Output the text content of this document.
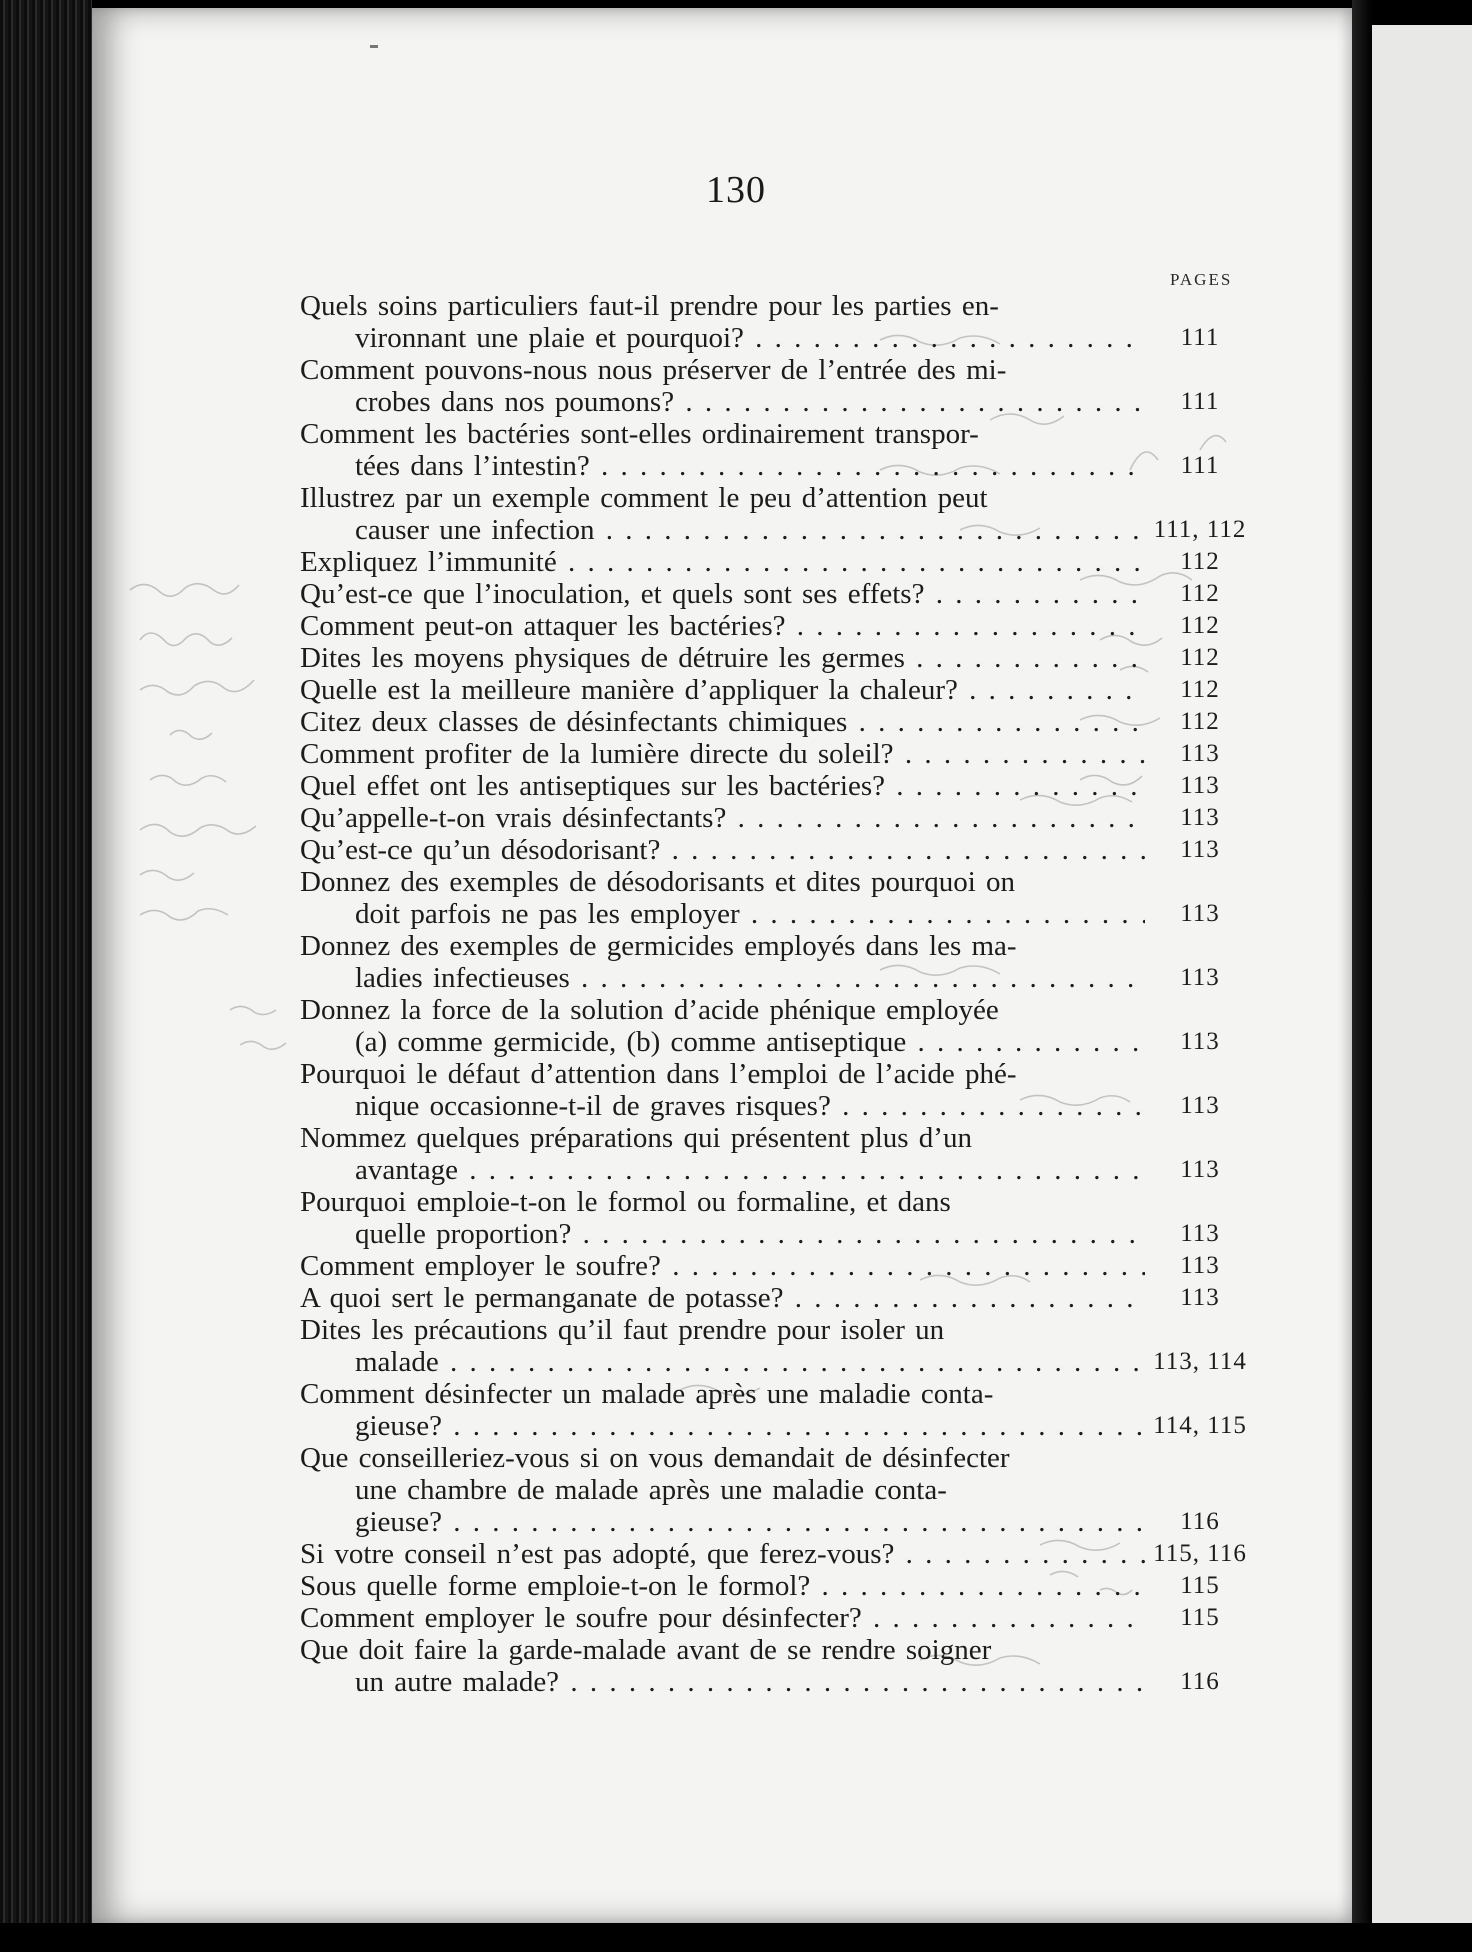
130
PAGES
Quels soins particuliers faut-il prendre pour les parties en-
vironnant une plaie et pourquoi? . . .	111
Comment pouvons-nous nous préserver de l’entrée des mi-
crobes dans nos poumons? . . .	111
Comment les bactéries sont-elles ordinairement transpor-
tées dans l’intestin? . . .	111
Illustrez par un exemple comment le peu d’attention peut
causer une infection . . .	111, 112
Expliquez l’immunité . . .	112
Qu’est-ce que l’inoculation, et quels sont ses effets? . . .	112
Comment peut-on attaquer les bactéries? . . .	112
Dites les moyens physiques de détruire les germes . . .	112
Quelle est la meilleure manière d’appliquer la chaleur? . . .	112
Citez deux classes de désinfectants chimiques . . .	112
Comment profiter de la lumière directe du soleil? . . .	113
Quel effet ont les antiseptiques sur les bactéries? . . .	113
Qu’appelle-t-on vrais désinfectants? . . .	113
Qu’est-ce qu’un désodorisant? . . .	113
Donnez des exemples de désodorisants et dites pourquoi on
doit parfois ne pas les employer . . .	113
Donnez des exemples de germicides employés dans les ma-
ladies infectieuses . . .	113
Donnez la force de la solution d’acide phénique employée
(a) comme germicide, (b) comme antiseptique . . .	113
Pourquoi le défaut d’attention dans l’emploi de l’acide phé-
nique occasionne-t-il de graves risques? . . .	113
Nommez quelques préparations qui présentent plus d’un
avantage . . .	113
Pourquoi emploie-t-on le formol ou formaline, et dans
quelle proportion? . . .	113
Comment employer le soufre? . . .	113
A quoi sert le permanganate de potasse? . . .	113
Dites les précautions qu’il faut prendre pour isoler un
malade . . .	113, 114
Comment désinfecter un malade après une maladie conta-
gieuse? . . .	114, 115
Que conseilleriez-vous si on vous demandait de désinfecter
une chambre de malade après une maladie conta-
gieuse? . . .	116
Si votre conseil n’est pas adopté, que ferez-vous? . . .	115, 116
Sous quelle forme emploie-t-on le formol? . . .	115
Comment employer le soufre pour désinfecter? . . .	115
Que doit faire la garde-malade avant de se rendre soigner
un autre malade? . . .	116
